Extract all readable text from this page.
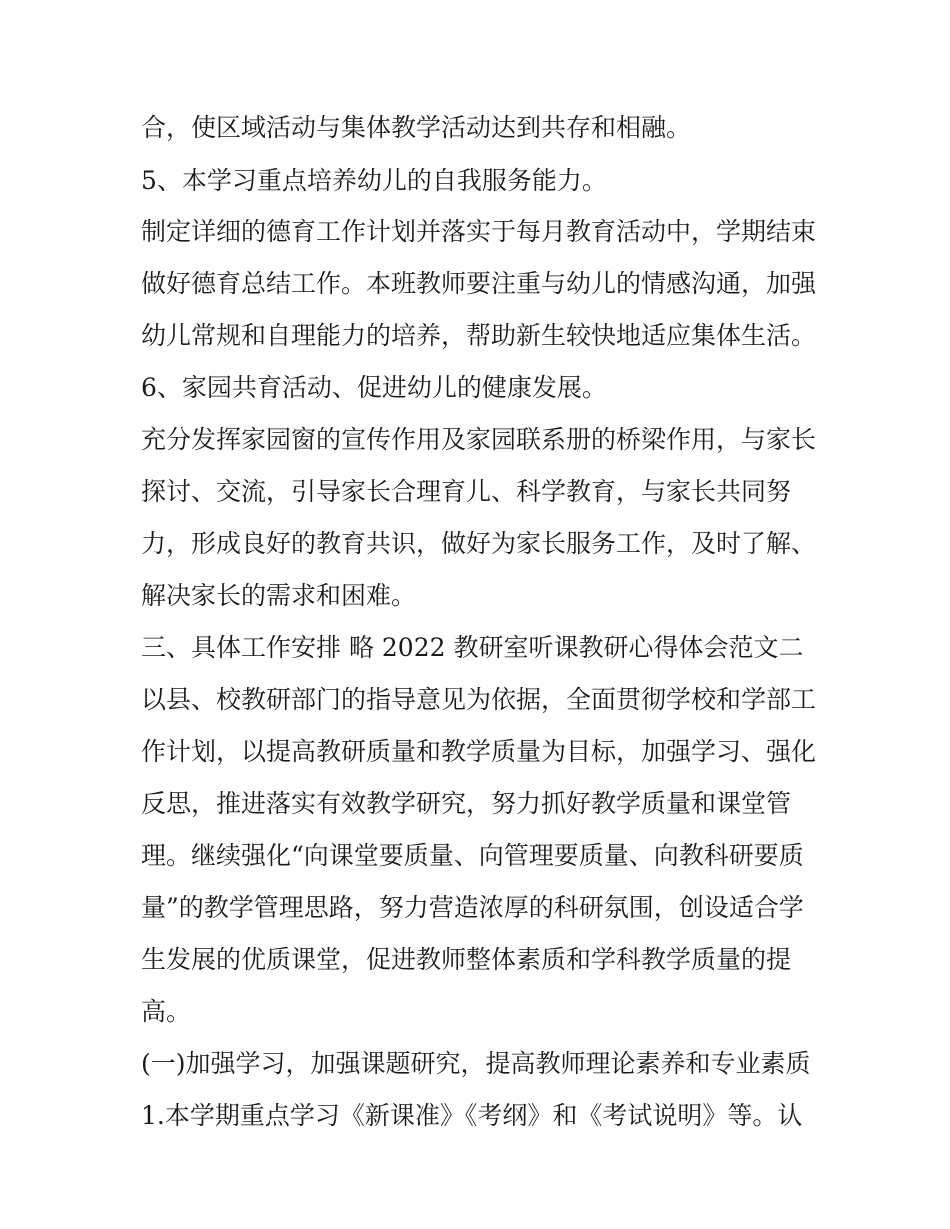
合，使区域活动与集体教学活动达到共存和相融。
5、本学习重点培养幼儿的自我服务能力。
制定详细的德育工作计划并落实于每月教育活动中，学期结束
做好德育总结工作。本班教师要注重与幼儿的情感沟通，加强
幼儿常规和自理能力的培养，帮助新生较快地适应集体生活。
6、家园共育活动、促进幼儿的健康发展。
充分发挥家园窗的宣传作用及家园联系册的桥梁作用，与家长
探讨、交流，引导家长合理育儿、科学教育，与家长共同努
力，形成良好的教育共识，做好为家长服务工作，及时了解、
解决家长的需求和困难。
三、具体工作安排 略 2022 教研室听课教研心得体会范文二
以县、校教研部门的指导意见为依据，全面贯彻学校和学部工
作计划，以提高教研质量和教学质量为目标，加强学习、强化
反思，推进落实有效教学研究，努力抓好教学质量和课堂管
理。继续强化“向课堂要质量、向管理要质量、向教科研要质
量”的教学管理思路，努力营造浓厚的科研氛围，创设适合学
生发展的优质课堂，促进教师整体素质和学科教学质量的提
高。
(一)加强学习，加强课题研究，提高教师理论素养和专业素质
1.本学期重点学习《新课准》《考纲》和《考试说明》等。认
